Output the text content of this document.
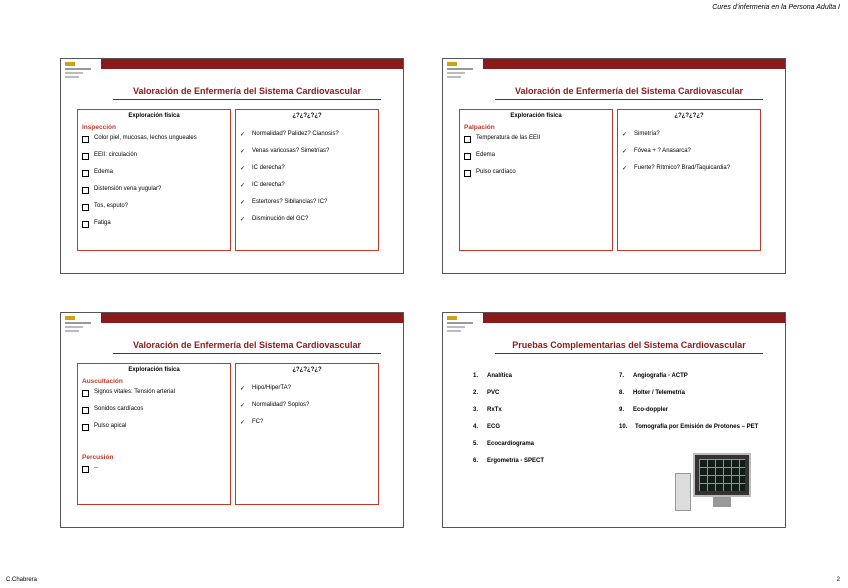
Cures d’infermeria en la Persona Adulta I
Valoración de Enfermería del Sistema Cardiovascular
Exploración física
Inspección
Color piel, mucosas, lechos ungueales
EEII: circulación
Edema
Distensión vena yugular?
Tos, esputo?
Fatiga
¿?¿?¿?¿?
✓	Normalidad? Palidez? Cianosis?
✓	Venas varicosas? Simetrías?
✓	IC derecha?
✓	IC derecha?
✓	Estertores? Sibilancias? IC?
✓	Disminución del GC?
Valoración de Enfermería del Sistema Cardiovascular
Exploración física
Palpación
Temperatura de las EEII
Edema
Pulso cardíaco
¿?¿?¿?¿?
✓	Simetría?
✓	Fóvea + ? Anasarca?
✓	Fuerte? Rítmico? Brad/Taquicardia?
Valoración de Enfermería del Sistema Cardiovascular
Exploración física
Auscultación
Signos vitales: Tensión arterial
Sonidos cardíacos
Pulso apical
Percusión
--
¿?¿?¿?¿?
✓	Hipo/HiperTA?
✓	Normalidad? Soplos?
✓	FC?
Pruebas Complementarias del Sistema Cardiovascular
1.	Analítica
2.	PVC
3.	RxTx
4.	ECG
5.	Ecocardiograma
6.	Ergometría - SPECT
7.	Angiografía - ACTP
8.	Holter / Telemetría
9.	Eco-doppler
10.	Tomografía por Emisión de Protones – PET
C.Chabrera	2
